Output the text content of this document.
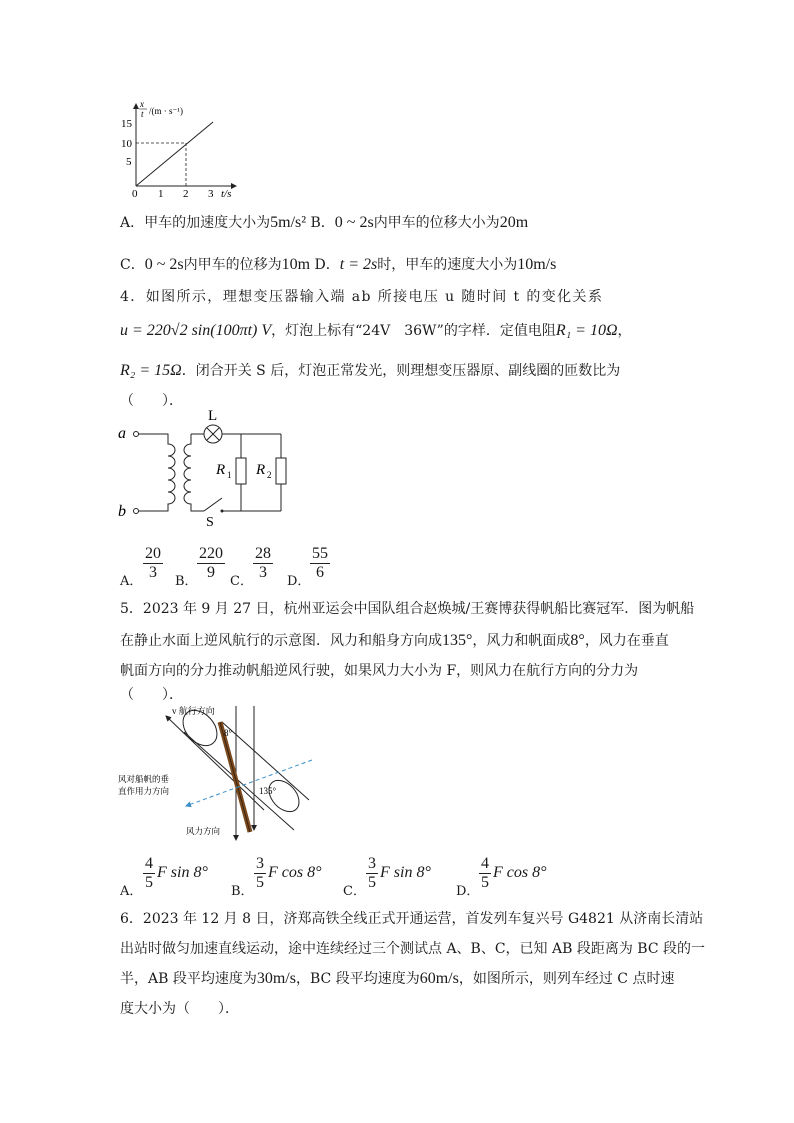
x
t /(m · s⁻¹)
15
10
5
0 1 2 3 t/s
A．甲车的加速度大小为5m/s² B．0 ~ 2s内甲车的位移大小为20m
C．0 ~ 2s内甲车的位移为10m D．t = 2s时，甲车的速度大小为10m/s
4．如图所示，理想变压器输入端 ab 所接电压 u 随时间 t 的变化关系
u = 220√2 sin(100πt) V，灯泡上标有“24V　36W”的字样．定值电阻R₁ = 10Ω，
R₂ = 15Ω．闭合开关 S 后，灯泡正常发光，则理想变压器原、副线圈的匝数比为
（　　）．
a
b
L
R 1 R 2
S
A． $\frac{20}{3}$ B． $\frac{220}{9}$ C． $\frac{28}{3}$ D． $\frac{55}{6}$
5．2023 年 9 月 27 日，杭州亚运会中国队组合赵焕城/王赛博获得帆船比赛冠军．图为帆船
在静止水面上逆风航行的示意图．风力和船身方向成135°，风力和帆面成8°，风力在垂直
帆面方向的分力推动帆船逆风行驶，如果风力大小为 F，则风力在航行方向的分力为
（　　）．
v 航行方向
8°
135°
风对船帆的垂
直作用力方向
风力方向
A． $\frac{4}{5}$ F sin 8°
B． $\frac{3}{5}$ F cos 8°
C． $\frac{3}{5}$ F sin 8°
D． $\frac{4}{5}$ F cos 8°
6．2023 年 12 月 8 日，济郑高铁全线正式开通运营，首发列车复兴号 G4821 从济南长清站
出站时做匀加速直线运动，途中连续经过三个测试点 A、B、C，已知 AB 段距离为 BC 段的一
半，AB 段平均速度为30m/s，BC 段平均速度为60m/s，如图所示，则列车经过 C 点时速
度大小为（　　）．
